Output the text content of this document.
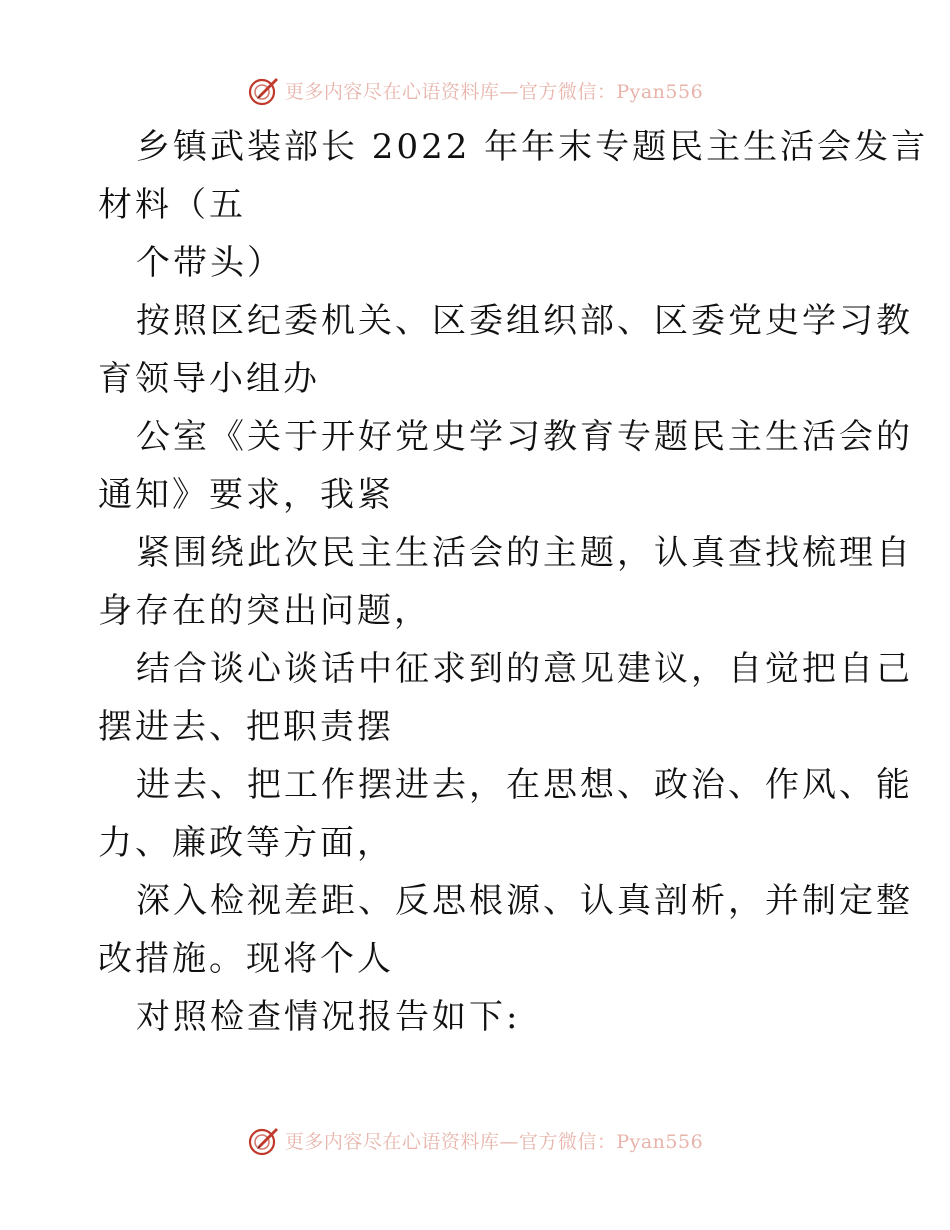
更多内容尽在心语资料库—官方微信：Pyan556
乡镇武装部长 2022 年年末专题民主生活会发言
材料（五
个带头）
按照区纪委机关、区委组织部、区委党史学习教
育领导小组办
公室《关于开好党史学习教育专题民主生活会的
通知》要求，我紧
紧围绕此次民主生活会的主题，认真查找梳理自
身存在的突出问题，
结合谈心谈话中征求到的意见建议，自觉把自己
摆进去、把职责摆
进去、把工作摆进去，在思想、政治、作风、能
力、廉政等方面，
深入检视差距、反思根源、认真剖析，并制定整
改措施。现将个人
对照检查情况报告如下:
更多内容尽在心语资料库—官方微信：Pyan556
